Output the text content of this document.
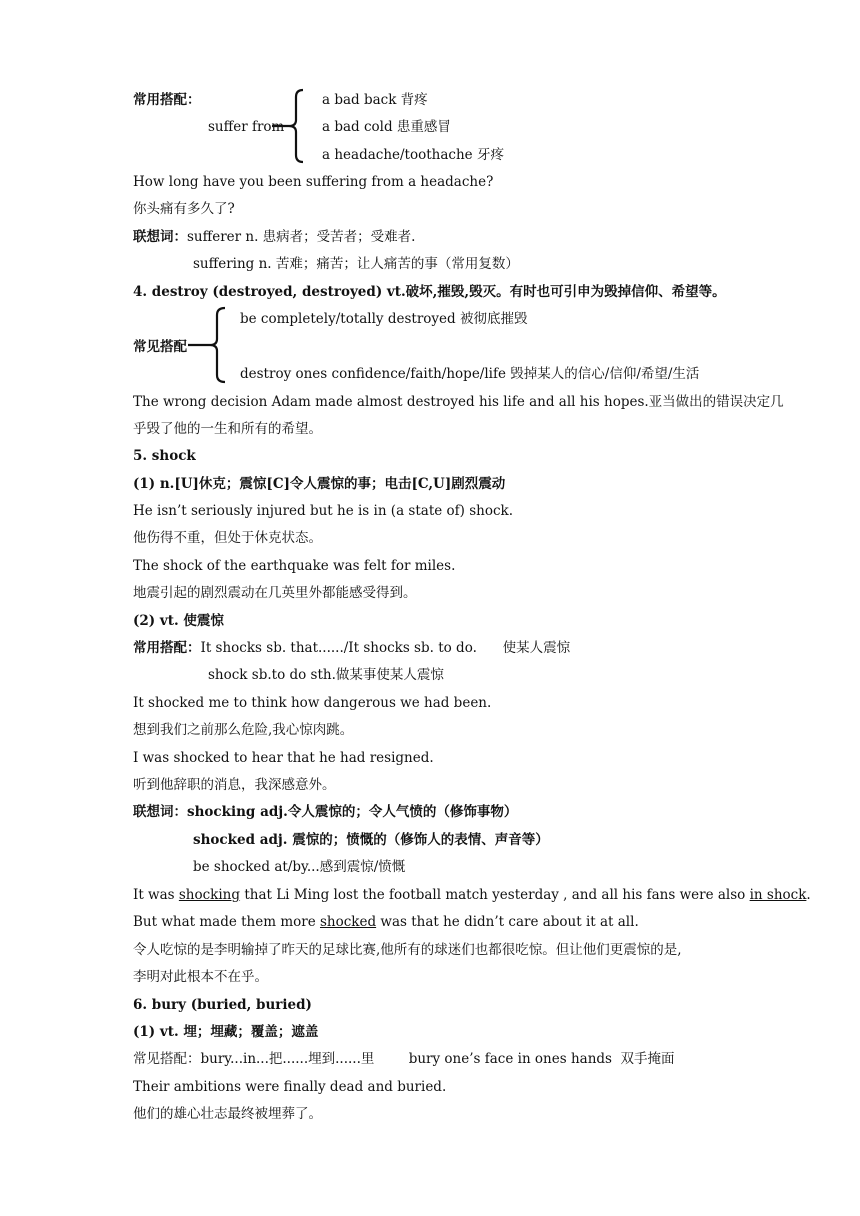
常用搭配：
suffer from
a bad back 背疼
a bad cold 患重感冒
a headache/toothache 牙疼
How long have you been suffering from a headache?
你头痛有多久了?
联想词：sufferer n. 患病者；受苦者；受难者.
suffering n. 苦难；痛苦；让人痛苦的事（常用复数）
4. destroy (destroyed, destroyed) vt.破坏,摧毁,毁灭。有时也可引申为毁掉信仰、希望等。
be completely/totally destroyed 被彻底摧毁
常见搭配
destroy ones confidence/faith/hope/life 毁掉某人的信心/信仰/希望/生活
The wrong decision Adam made almost destroyed his life and all his hopes.亚当做出的错误决定几
乎毁了他的一生和所有的希望。
5. shock
(1) n.[U]休克；震惊[C]令人震惊的事；电击[C,U]剧烈震动
He isn’t seriously injured but he is in (a state of) shock.
他伤得不重，但处于休克状态。
The shock of the earthquake was felt for miles.
地震引起的剧烈震动在几英里外都能感受得到。
(2) vt. 使震惊
常用搭配：It shocks sb. that....../It shocks sb. to do.      使某人震惊
shock sb.to do sth.做某事使某人震惊
It shocked me to think how dangerous we had been.
想到我们之前那么危险,我心惊肉跳。
I was shocked to hear that he had resigned.
听到他辞职的消息，我深感意外。
联想词：shocking adj.令人震惊的；令人气愤的（修饰事物）
shocked adj. 震惊的；愤慨的（修饰人的表情、声音等）
be shocked at/by...感到震惊/愤慨
It was shocking that Li Ming lost the football match yesterday , and all his fans were also in shock.
But what made them more shocked was that he didn’t care about it at all.
令人吃惊的是李明输掉了昨天的足球比赛,他所有的球迷们也都很吃惊。但让他们更震惊的是,
李明对此根本不在乎。
6. bury (buried, buried)
(1) vt. 埋；埋藏；覆盖；遮盖
常见搭配：bury...in...把......埋到......里        bury one’s face in ones hands  双手掩面
Their ambitions were finally dead and buried.
他们的雄心壮志最终被埋葬了。
